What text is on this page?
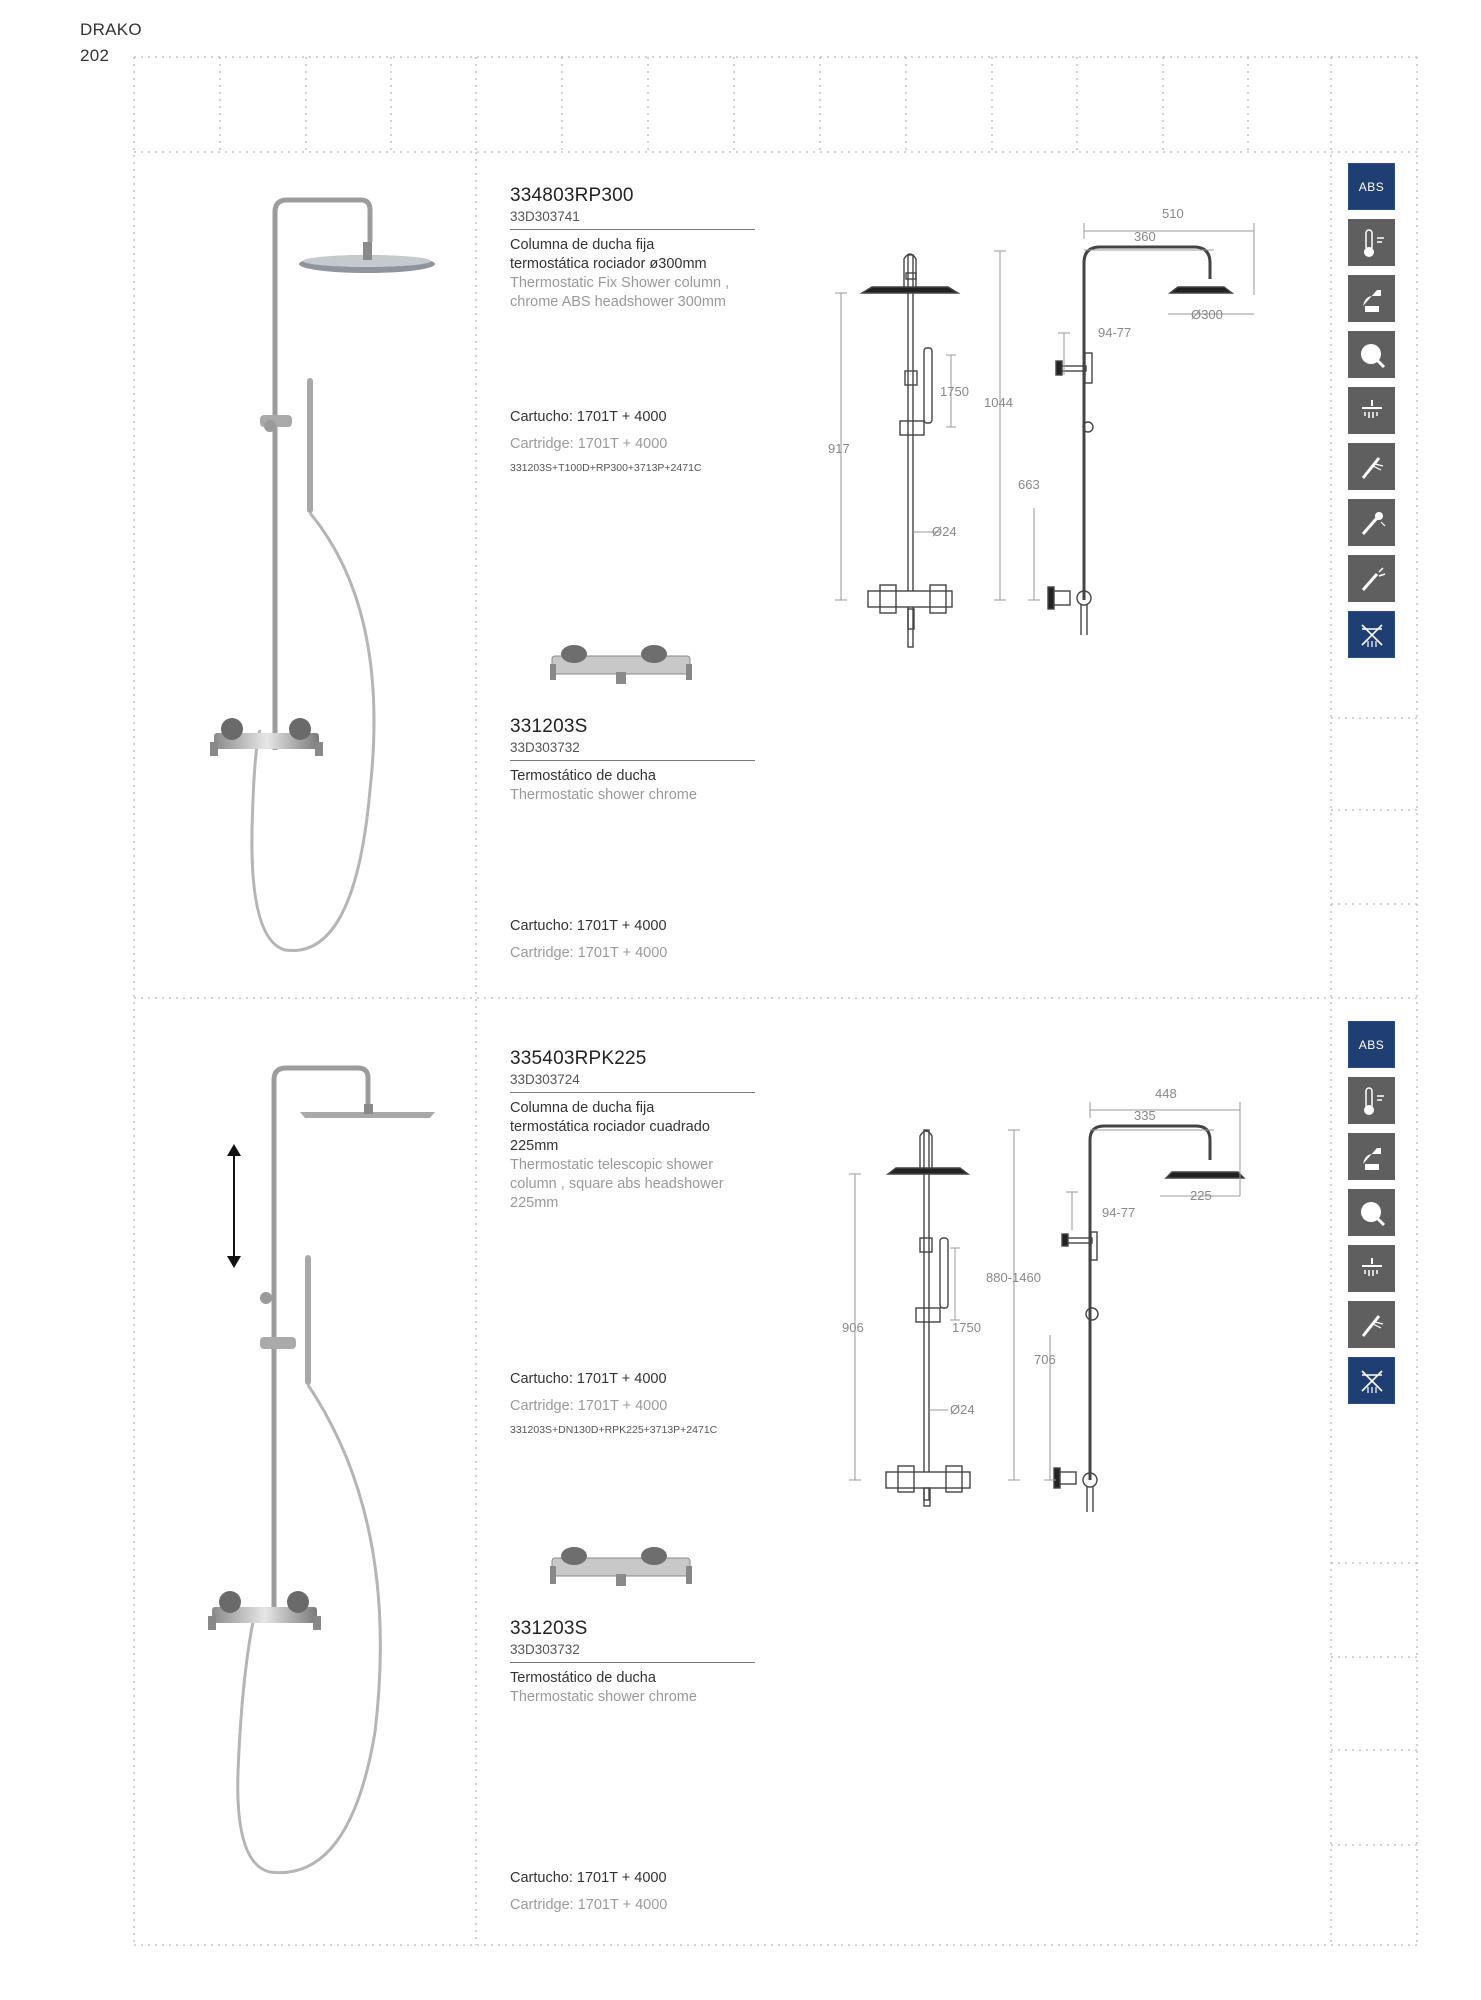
DRAKO
202
334803RP300
33D303741
Columna de ducha fija
termostática rociador ø300mm
Thermostatic Fix Shower column ,
chrome ABS headshower 300mm
Cartucho: 1701T + 4000
Cartridge: 1701T + 4000
331203S+T100D+RP300+3713P+2471C
331203S
33D303732
Termostático de ducha
Thermostatic shower chrome
Cartucho: 1701T + 4000
Cartridge: 1701T + 4000
917
1750
Ø24
1044
663
94-77
510
360
Ø300
ABS
335403RPK225
33D303724
Columna de ducha fija
termostática rociador cuadrado
225mm
Thermostatic telescopic shower
column , square abs headshower
225mm
Cartucho: 1701T + 4000
Cartridge: 1701T + 4000
331203S+DN130D+RPK225+3713P+2471C
331203S
33D303732
Termostático de ducha
Thermostatic shower chrome
Cartucho: 1701T + 4000
Cartridge: 1701T + 4000
906	1750
Ø24
880-1460
706
94-77
448
335
225
ABS
